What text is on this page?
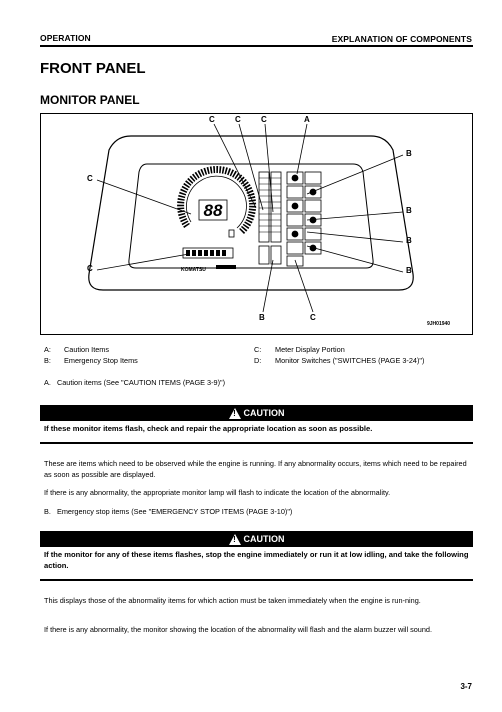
OPERATION	EXPLANATION OF COMPONENTS
FRONT PANEL
MONITOR PANEL
88
KOMATSU
C	C	C	A
C
C
B
B
B
B
B	C
9JH01940
A: Caution Items	C: Meter Display Portion
B: Emergency Stop Items	D: Monitor Switches ("SWITCHES (PAGE 3-24)")
A.   Caution items (See "CAUTION ITEMS (PAGE 3-9)")
! CAUTION
If these monitor items flash, check and repair the appropriate location as soon as possible.
These are items which need to be observed while the engine is running. If any abnormality occurs, items which need to be repaired as soon as possible are displayed.
If there is any abnormality, the appropriate monitor lamp will flash to indicate the location of the abnormality.
B.   Emergency stop items (See "EMERGENCY STOP ITEMS (PAGE 3-10)")
! CAUTION
If the monitor for any of these items flashes, stop the engine immediately or run it at low idling, and take the following action.
This displays those of the abnormality items for which action must be taken immediately when the engine is run-ning.
If there is any abnormality, the monitor showing the location of the abnormality will flash and the alarm buzzer will sound.
3-7
